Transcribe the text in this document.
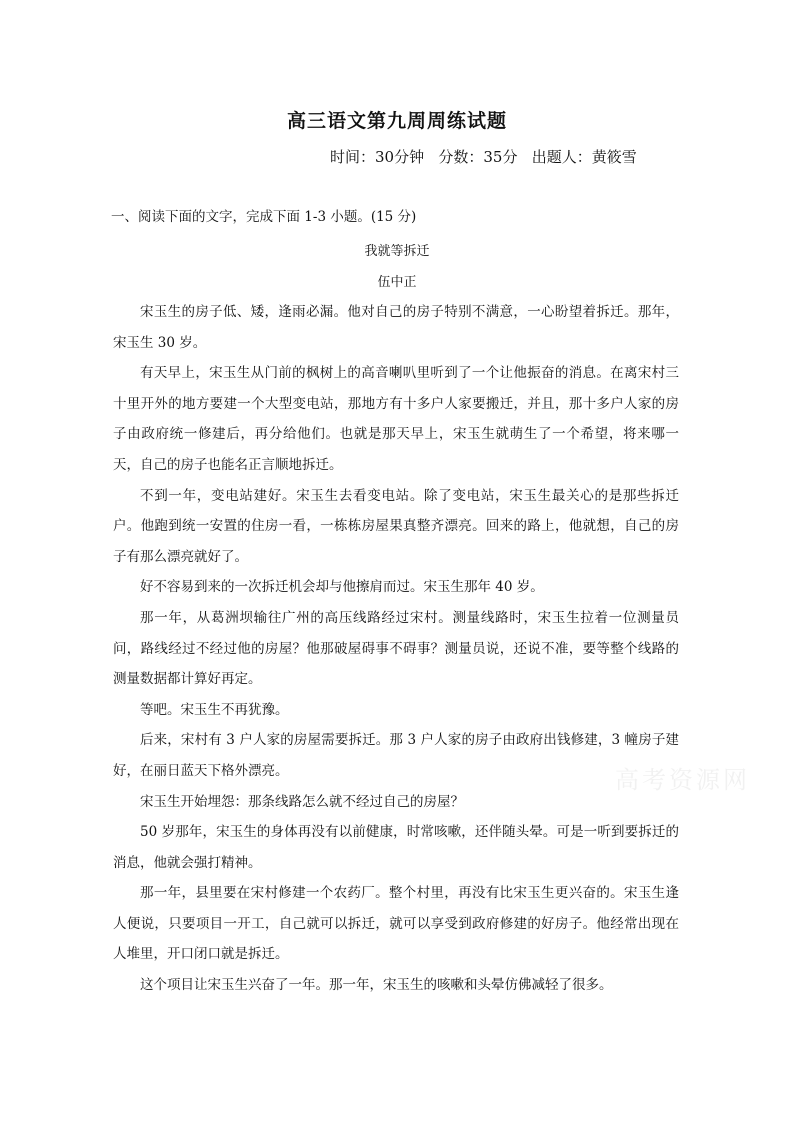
高三语文第九周周练试题
时间：30分钟   分数：35分   出题人：黄筱雪
一、阅读下面的文字，完成下面 1-3 小题。(15 分)
我就等拆迁
伍中正

宋玉生的房子低、矮，逢雨必漏。他对自己的房子特别不满意，一心盼望着拆迁。那年，宋玉生 30 岁。

有天早上，宋玉生从门前的枫树上的高音喇叭里听到了一个让他振奋的消息。在离宋村三十里开外的地方要建一个大型变电站，那地方有十多户人家要搬迁，并且，那十多户人家的房子由政府统一修建后，再分给他们。也就是那天早上，宋玉生就萌生了一个希望，将来哪一天，自己的房子也能名正言顺地拆迁。

不到一年，变电站建好。宋玉生去看变电站。除了变电站，宋玉生最关心的是那些拆迁户。他跑到统一安置的住房一看，一栋栋房屋果真整齐漂亮。回来的路上，他就想，自己的房子有那么漂亮就好了。

好不容易到来的一次拆迁机会却与他擦肩而过。宋玉生那年 40 岁。

那一年，从葛洲坝输往广州的高压线路经过宋村。测量线路时，宋玉生拉着一位测量员问，路线经过不经过他的房屋？他那破屋碍事不碍事？测量员说，还说不准，要等整个线路的测量数据都计算好再定。

等吧。宋玉生不再犹豫。

后来，宋村有 3 户人家的房屋需要拆迁。那 3 户人家的房子由政府出钱修建，3 幢房子建好，在丽日蓝天下格外漂亮。

宋玉生开始埋怨：那条线路怎么就不经过自己的房屋？

50 岁那年，宋玉生的身体再没有以前健康，时常咳嗽，还伴随头晕。可是一听到要拆迁的消息，他就会强打精神。

那一年，县里要在宋村修建一个农药厂。整个村里，再没有比宋玉生更兴奋的。宋玉生逢人便说，只要项目一开工，自己就可以拆迁，就可以享受到政府修建的好房子。他经常出现在人堆里，开口闭口就是拆迁。

这个项目让宋玉生兴奋了一年。那一年，宋玉生的咳嗽和头晕仿佛减轻了很多。

高考资源网
